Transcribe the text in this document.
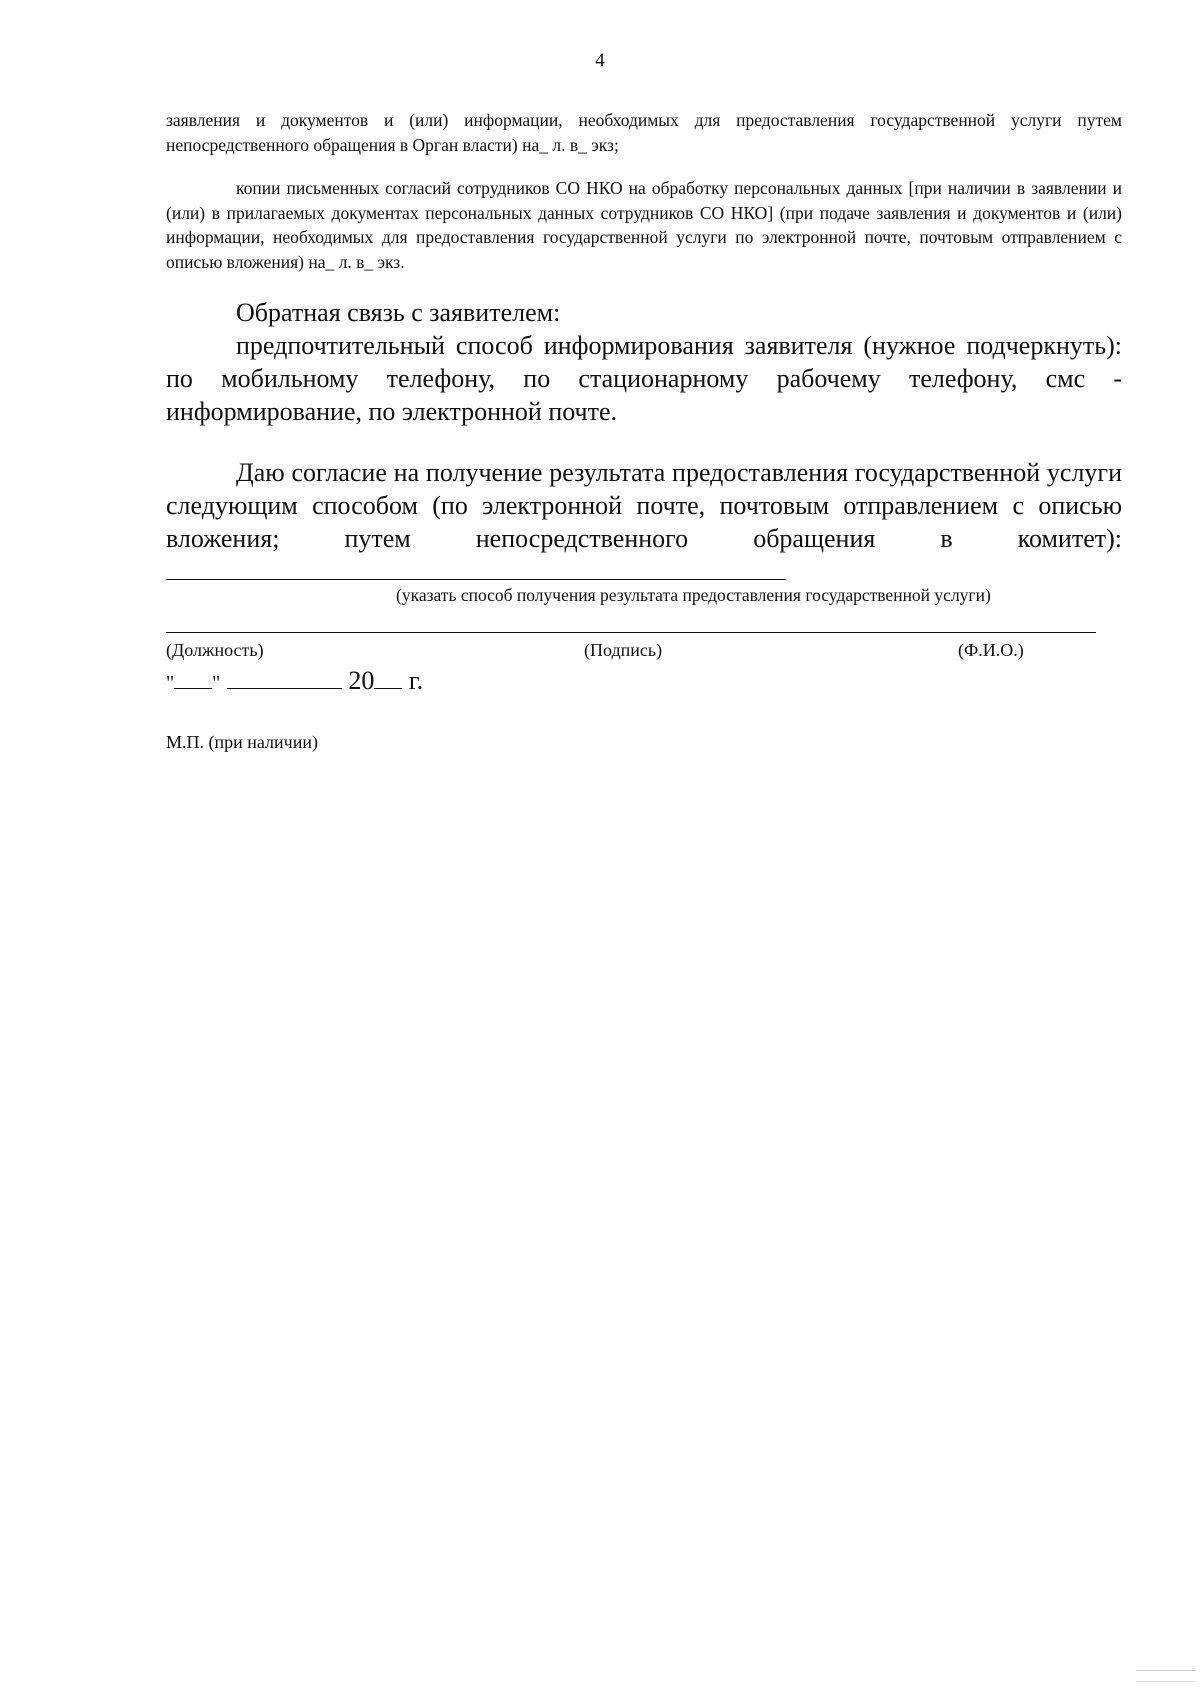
4

заявления и документов и (или) информации, необходимых для предоставления государственной услуги путем непосредственного обращения в Орган власти) на_ л. в_ экз;

копии письменных согласий сотрудников СО НКО на обработку персональных данных [при наличии в заявлении и (или) в прилагаемых документах персональных данных сотрудников СО НКО] (при подаче заявления и документов и (или) информации, необходимых для предоставления государственной услуги по электронной почте, почтовым отправлением с описью вложения) на_ л. в_ экз.

Обратная связь с заявителем:

предпочтительный способ информирования заявителя (нужное подчеркнуть): по мобильному телефону, по стационарному рабочему телефону, смс - информирование, по электронной почте.

Даю согласие на получение результата предоставления государственной услуги следующим способом (по электронной почте, почтовым отправлением с описью вложения; путем непосредственного обращения в комитет):

(указать способ получения результата предоставления государственной услуги)
(Должность)	(Подпись)	(Ф.И.О.)
" "	20 г.
М.П. (при наличии)
